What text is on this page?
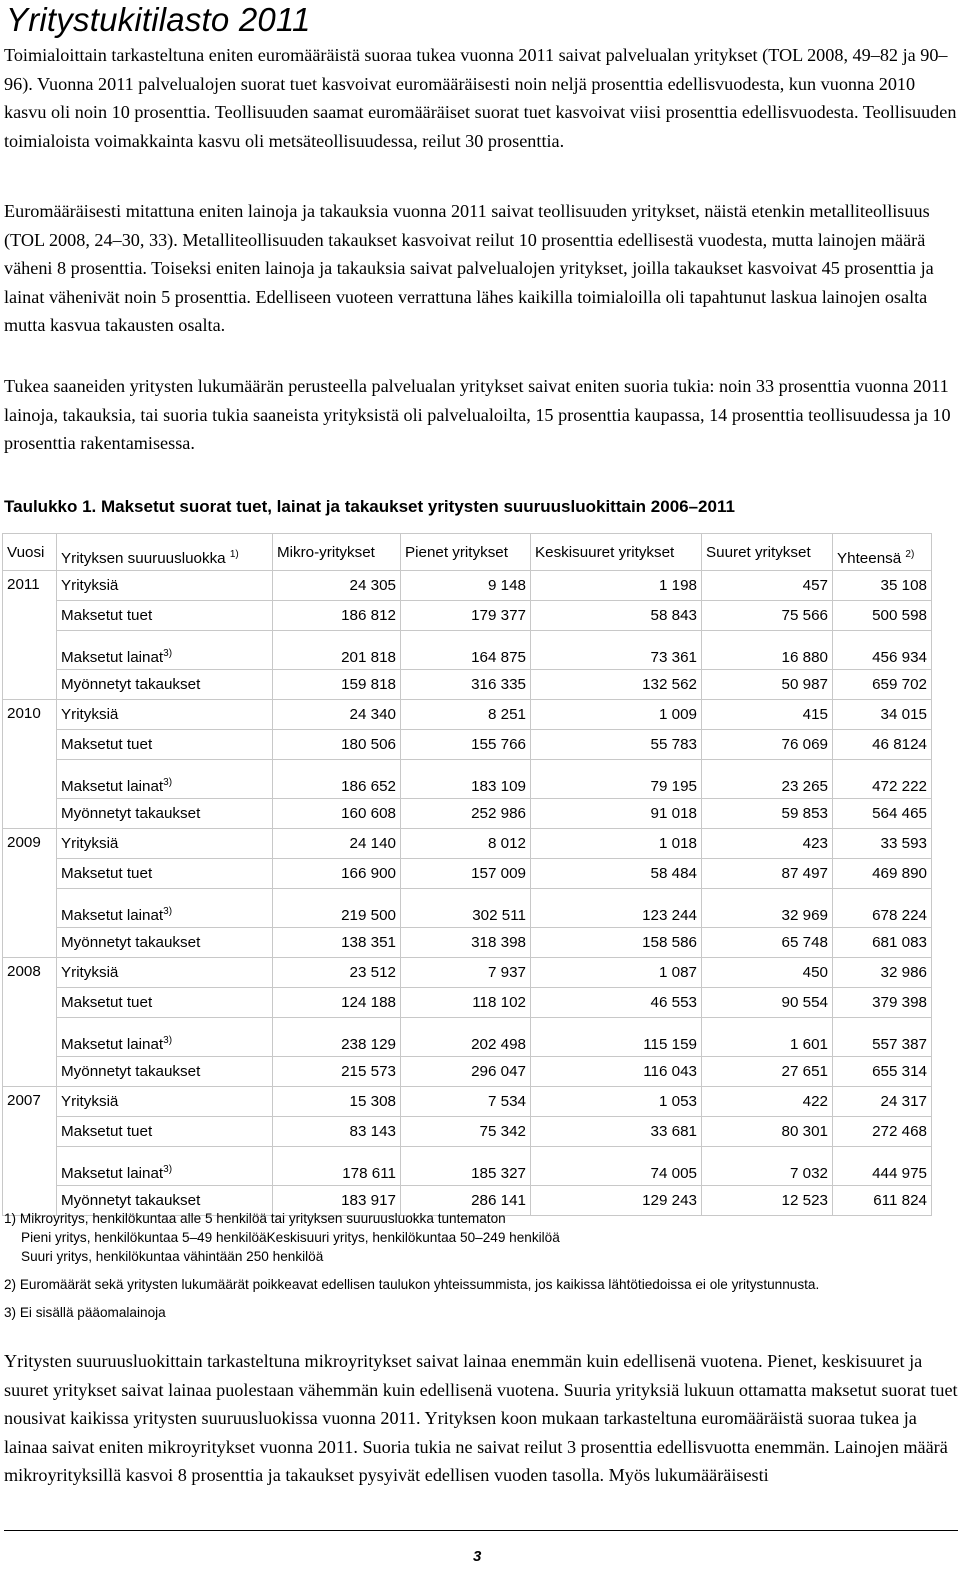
Yritystukitilasto 2011

Toimialoittain tarkasteltuna eniten euromääräistä suoraa tukea vuonna 2011 saivat palvelualan yritykset (TOL 2008, 49–82 ja 90–96). Vuonna 2011 palvelualojen suorat tuet kasvoivat euromääräisesti noin neljä prosenttia edellisvuodesta, kun vuonna 2010 kasvu oli noin 10 prosenttia. Teollisuuden saamat euromääräiset suorat tuet kasvoivat viisi prosenttia edellisvuodesta. Teollisuuden toimialoista voimakkainta kasvu oli metsäteollisuudessa, reilut 30 prosenttia.

Euromääräisesti mitattuna eniten lainoja ja takauksia vuonna 2011 saivat teollisuuden yritykset, näistä etenkin metalliteollisuus (TOL 2008, 24–30, 33). Metalliteollisuuden takaukset kasvoivat reilut 10 prosenttia edellisestä vuodesta, mutta lainojen määrä väheni 8 prosenttia. Toiseksi eniten lainoja ja takauksia saivat palvelualojen yritykset, joilla takaukset kasvoivat 45 prosenttia ja lainat vähenivät noin 5 prosenttia. Edelliseen vuoteen verrattuna lähes kaikilla toimialoilla oli tapahtunut laskua lainojen osalta mutta kasvua takausten osalta.

Tukea saaneiden yritysten lukumäärän perusteella palvelualan yritykset saivat eniten suoria tukia: noin 33 prosenttia vuonna 2011 lainoja, takauksia, tai suoria tukia saaneista yrityksistä oli palvelualoilta, 15 prosenttia kaupassa, 14 prosenttia teollisuudessa ja 10 prosenttia rakentamisessa.

Taulukko 1. Maksetut suorat tuet, lainat ja takaukset yritysten suuruusluokittain 2006–2011

Vuosi	Yrityksen suuruusluokka $^{1)}$	Mikro-yritykset	Pienet yritykset	Keskisuuret yritykset	Suuret yritykset	Yhteensä $^{2)}$
2011	Yrityksiä	24 305	9 148	1 198	457	35 108
	Maksetut tuet	186 812	179 377	58 843	75 566	500 598
	Maksetut lainat$^{3)}$	201 818	164 875	73 361	16 880	456 934
	Myönnetyt takaukset	159 818	316 335	132 562	50 987	659 702
2010	Yrityksiä	24 340	8 251	1 009	415	34 015
	Maksetut tuet	180 506	155 766	55 783	76 069	46 8124
	Maksetut lainat$^{3)}$	186 652	183 109	79 195	23 265	472 222
	Myönnetyt takaukset	160 608	252 986	91 018	59 853	564 465
2009	Yrityksiä	24 140	8 012	1 018	423	33 593
	Maksetut tuet	166 900	157 009	58 484	87 497	469 890
	Maksetut lainat$^{3)}$	219 500	302 511	123 244	32 969	678 224
	Myönnetyt takaukset	138 351	318 398	158 586	65 748	681 083
2008	Yrityksiä	23 512	7 937	1 087	450	32 986
	Maksetut tuet	124 188	118 102	46 553	90 554	379 398
	Maksetut lainat$^{3)}$	238 129	202 498	115 159	1 601	557 387
	Myönnetyt takaukset	215 573	296 047	116 043	27 651	655 314
2007	Yrityksiä	15 308	7 534	1 053	422	24 317
	Maksetut tuet	83 143	75 342	33 681	80 301	272 468
	Maksetut lainat$^{3)}$	178 611	185 327	74 005	7 032	444 975
	Myönnetyt takaukset	183 917	286 141	129 243	12 523	611 824

1) Mikroyritys, henkilökuntaa alle 5 henkilöä tai yrityksen suuruusluokka tuntematon

Pieni yritys, henkilökuntaa 5–49 henkilöäKeskisuuri yritys, henkilökuntaa 50–249 henkilöä

Suuri yritys, henkilökuntaa vähintään 250 henkilöä

2) Euromäärät sekä yritysten lukumäärät poikkeavat edellisen taulukon yhteissummista, jos kaikissa lähtötiedoissa ei ole yritystunnusta.

3) Ei sisällä pääomalainoja

Yritysten suuruusluokittain tarkasteltuna mikroyritykset saivat lainaa enemmän kuin edellisenä vuotena. Pienet, keskisuuret ja suuret yritykset saivat lainaa puolestaan vähemmän kuin edellisenä vuotena. Suuria yrityksiä lukuun ottamatta maksetut suorat tuet nousivat kaikissa yritysten suuruusluokissa vuonna 2011. Yrityksen koon mukaan tarkasteltuna euromääräistä suoraa tukea ja lainaa saivat eniten mikroyritykset vuonna 2011. Suoria tukia ne saivat reilut 3 prosenttia edellisvuotta enemmän. Lainojen määrä mikroyrityksillä kasvoi 8 prosenttia ja takaukset pysyivät edellisen vuoden tasolla. Myös lukumääräisesti

3
